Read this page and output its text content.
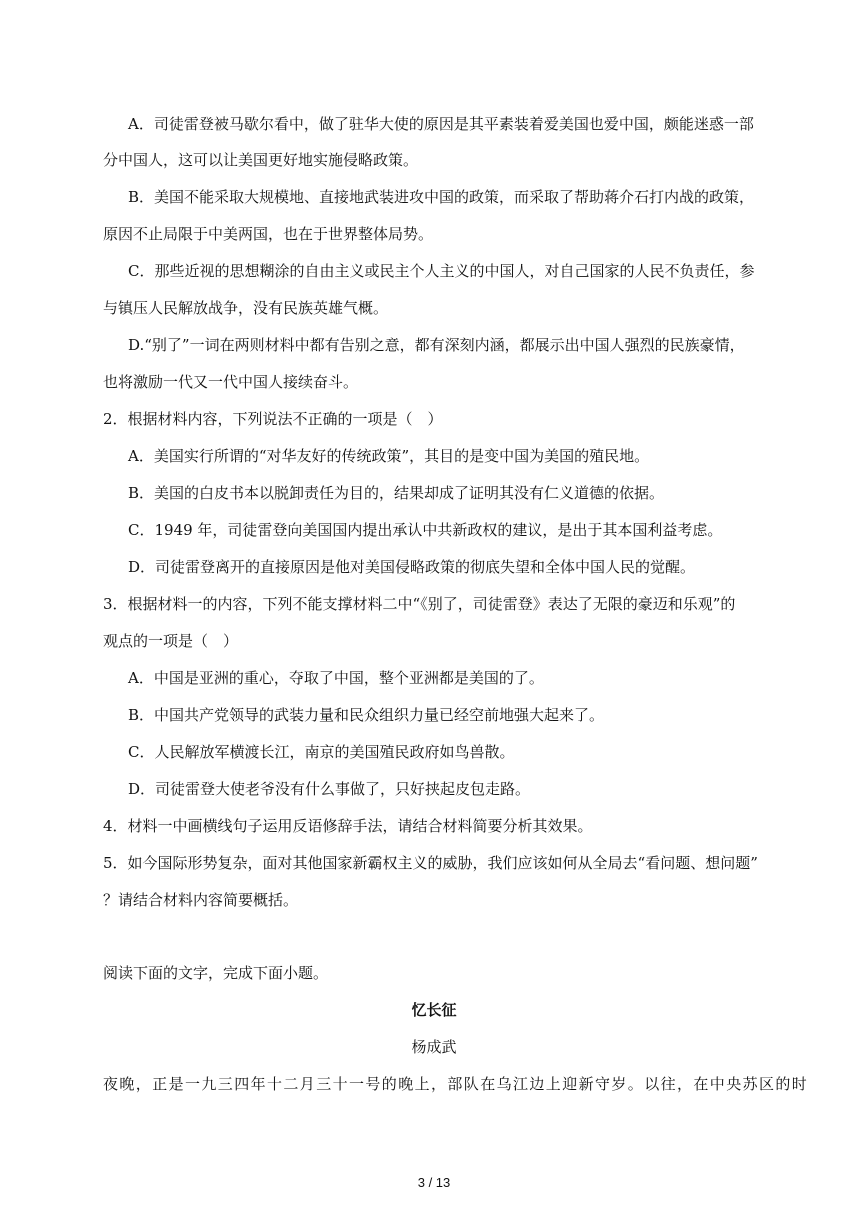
A．司徒雷登被马歇尔看中，做了驻华大使的原因是其平素装着爱美国也爱中国，颇能迷惑一部
分中国人，这可以让美国更好地实施侵略政策。
B．美国不能采取大规模地、直接地武装进攻中国的政策，而采取了帮助蒋介石打内战的政策，
原因不止局限于中美两国，也在于世界整体局势。
C．那些近视的思想糊涂的自由主义或民主个人主义的中国人，对自己国家的人民不负责任，参
与镇压人民解放战争，没有民族英雄气概。
D.“别了”一词在两则材料中都有告别之意，都有深刻内涵，都展示出中国人强烈的民族豪情，
也将激励一代又一代中国人接续奋斗。
2．根据材料内容，下列说法不正确的一项是（　）
A．美国实行所谓的“对华友好的传统政策”，其目的是变中国为美国的殖民地。
B．美国的白皮书本以脱卸责任为目的，结果却成了证明其没有仁义道德的依据。
C．1949 年，司徒雷登向美国国内提出承认中共新政权的建议，是出于其本国利益考虑。
D．司徒雷登离开的直接原因是他对美国侵略政策的彻底失望和全体中国人民的觉醒。
3．根据材料一的内容，下列不能支撑材料二中“《别了，司徒雷登》表达了无限的豪迈和乐观”的
观点的一项是（　）
A．中国是亚洲的重心，夺取了中国，整个亚洲都是美国的了。
B．中国共产党领导的武装力量和民众组织力量已经空前地强大起来了。
C．人民解放军横渡长江，南京的美国殖民政府如鸟兽散。
D．司徒雷登大使老爷没有什么事做了，只好挟起皮包走路。
4．材料一中画横线句子运用反语修辞手法，请结合材料简要分析其效果。
5．如今国际形势复杂，面对其他国家新霸权主义的威胁，我们应该如何从全局去“看问题、想问题”
？请结合材料内容简要概括。
阅读下面的文字，完成下面小题。
忆长征
杨成武
夜晚，正是一九三四年十二月三十一号的晚上，部队在乌江边上迎新守岁。以往，在中央苏区的时
3 / 13
